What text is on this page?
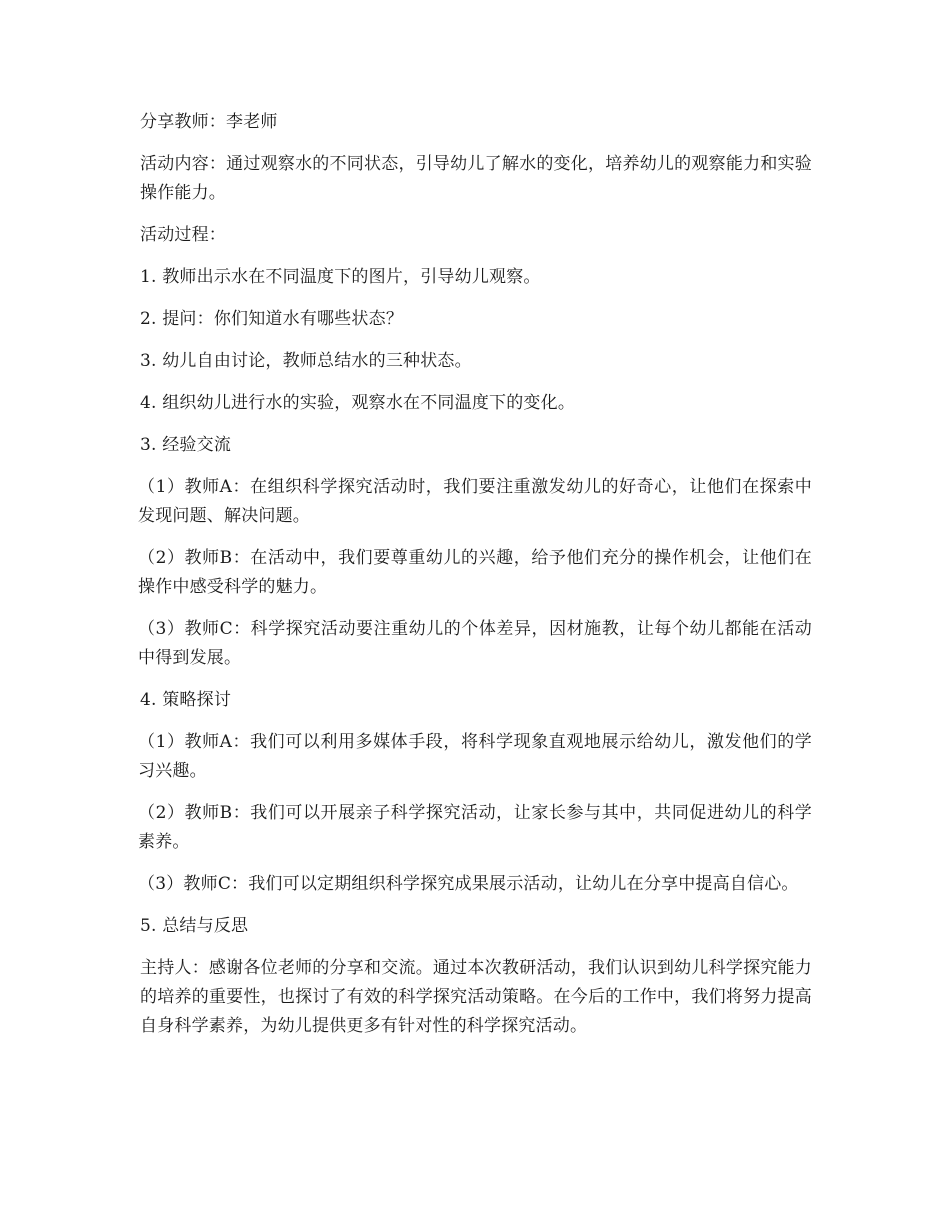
分享教师：李老师

活动内容：通过观察水的不同状态，引导幼儿了解水的变化，培养幼儿的观察能力和实验操作能力。

活动过程：

1. 教师出示水在不同温度下的图片，引导幼儿观察。

2. 提问：你们知道水有哪些状态？

3. 幼儿自由讨论，教师总结水的三种状态。

4. 组织幼儿进行水的实验，观察水在不同温度下的变化。

3. 经验交流

（1）教师A：在组织科学探究活动时，我们要注重激发幼儿的好奇心，让他们在探索中发现问题、解决问题。

（2）教师B：在活动中，我们要尊重幼儿的兴趣，给予他们充分的操作机会，让他们在操作中感受科学的魅力。

（3）教师C：科学探究活动要注重幼儿的个体差异，因材施教，让每个幼儿都能在活动中得到发展。

4. 策略探讨

（1）教师A：我们可以利用多媒体手段，将科学现象直观地展示给幼儿，激发他们的学习兴趣。

（2）教师B：我们可以开展亲子科学探究活动，让家长参与其中，共同促进幼儿的科学素养。

（3）教师C：我们可以定期组织科学探究成果展示活动，让幼儿在分享中提高自信心。

5. 总结与反思

主持人：感谢各位老师的分享和交流。通过本次教研活动，我们认识到幼儿科学探究能力的培养的重要性，也探讨了有效的科学探究活动策略。在今后的工作中，我们将努力提高自身科学素养，为幼儿提供更多有针对性的科学探究活动。
